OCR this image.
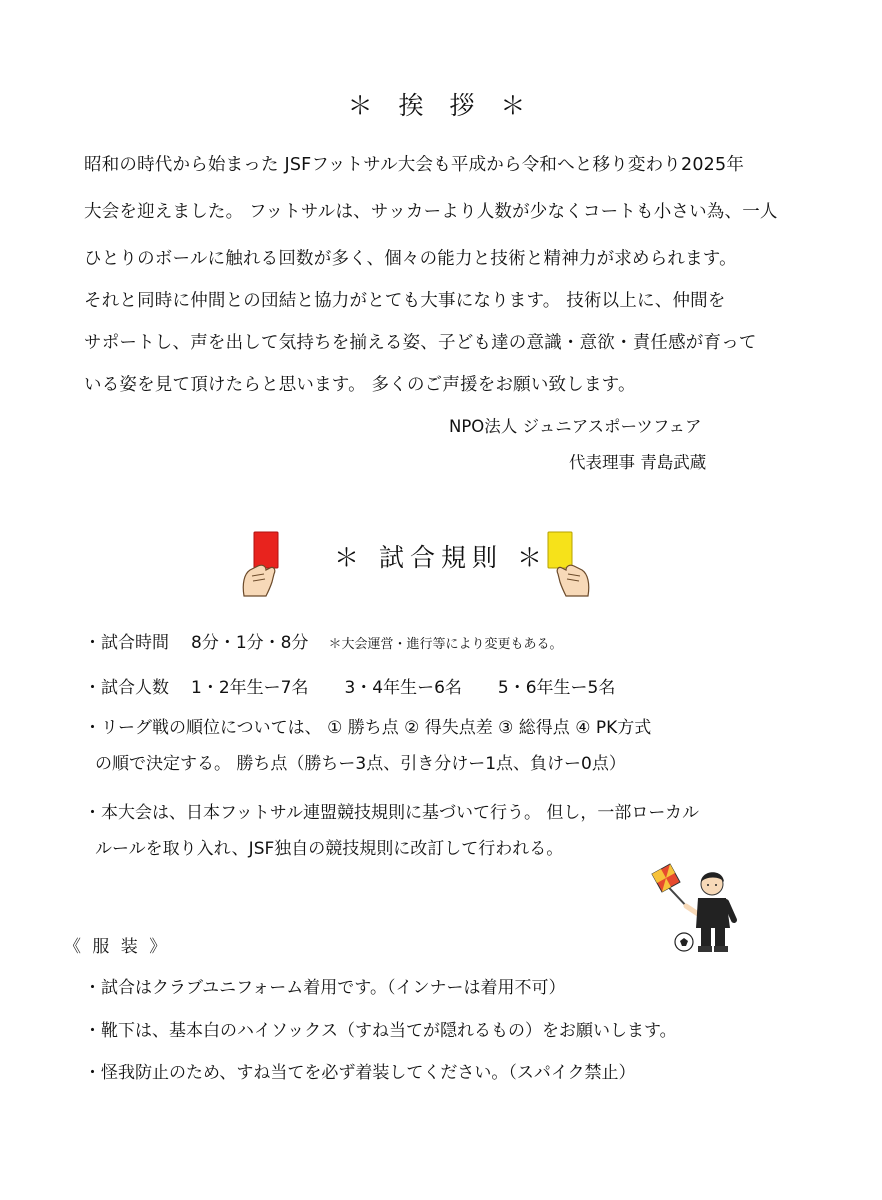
＊ 挨 拶 ＊
昭和の時代から始まった JSFフットサル大会も平成から令和へと移り変わり2025年
大会を迎えました。 フットサルは、サッカーより人数が少なくコートも小さい為、一人
ひとりのボールに触れる回数が多く、個々の能力と技術と精神力が求められます。
それと同時に仲間との団結と協力がとても大事になります。 技術以上に、仲間を
サポートし、声を出して気持ちを揃える姿、子ども達の意識・意欲・責任感が育って
いる姿を見て頂けたらと思います。 多くのご声援をお願い致します。
NPO法人 ジュニアスポーツフェア
代表理事 青島武蔵
＊ 試合規則 ＊
・試合時間 8分・1分・8分 ＊大会運営・進行等により変更もある。
・試合人数 1・2年生ー7名 3・4年生ー6名 5・6年生ー5名
・リーグ戦の順位については、 ① 勝ち点 ② 得失点差 ③ 総得点 ④ PK方式
の順で決定する。 勝ち点（勝ちー3点、引き分けー1点、負けー0点）
・本大会は、日本フットサル連盟競技規則に基づいて行う。 但し，一部ローカル
ルールを取り入れ、JSF独自の競技規則に改訂して行われる。
《 服 装 》
・試合はクラブユニフォーム着用です。（インナーは着用不可）
・靴下は、基本白のハイソックス（すね当てが隠れるもの）をお願いします。
・怪我防止のため、すね当てを必ず着装してください。（スパイク禁止）
